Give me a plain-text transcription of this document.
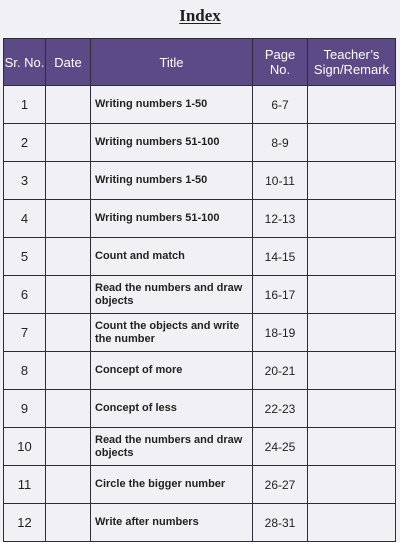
Index
Sr. No.	Date	Title	Page No.	Teacher’s Sign/Remark
1		Writing numbers 1-50	6-7	
2		Writing numbers 51-100	8-9	
3		Writing numbers 1-50	10-11	
4		Writing numbers 51-100	12-13	
5		Count and match	14-15	
6		Read the numbers and draw objects	16-17	
7		Count the objects and write the number	18-19	
8		Concept of more	20-21	
9		Concept of less	22-23	
10		Read the numbers and draw objects	24-25	
11		Circle the bigger number	26-27	
12		Write after numbers	28-31	
